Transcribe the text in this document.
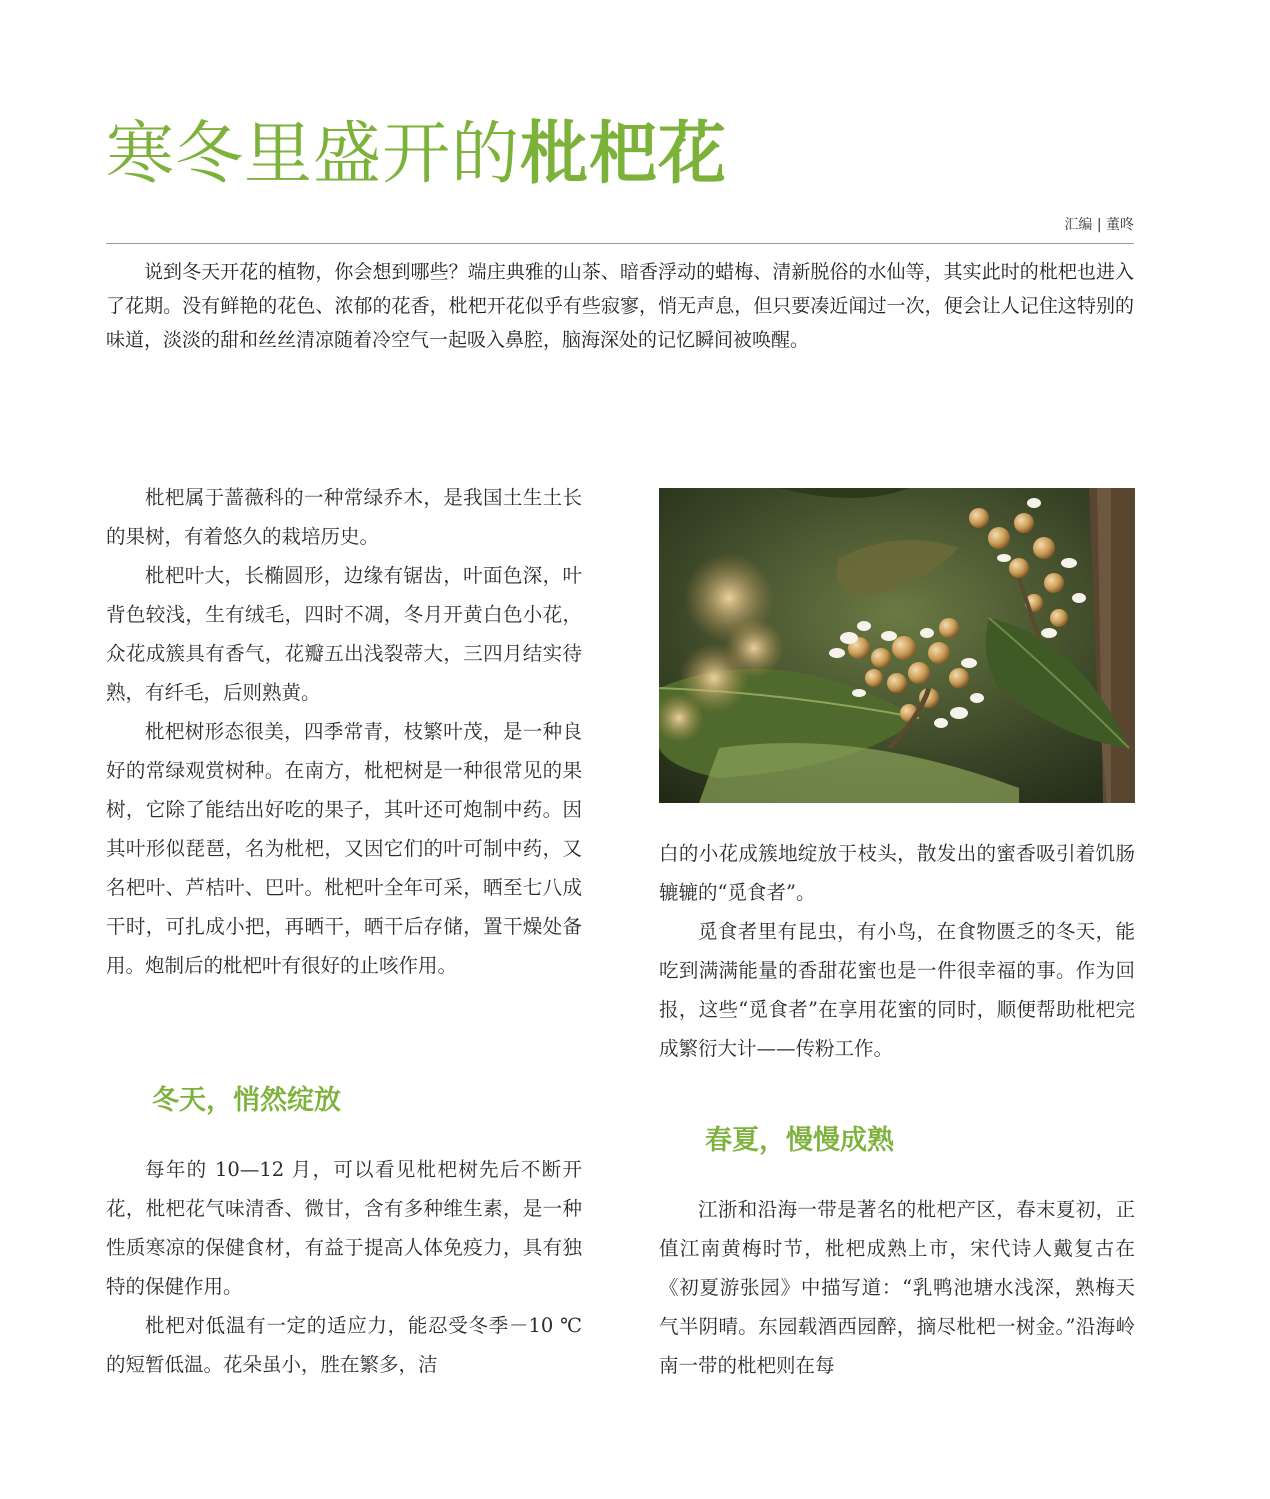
寒冬里盛开的枇杷花
汇编 | 董咚

说到冬天开花的植物，你会想到哪些？端庄典雅的山茶、暗香浮动的蜡梅、清新脱俗的水仙等，其实此时的枇杷也进入了花期。没有鲜艳的花色、浓郁的花香，枇杷开花似乎有些寂寥，悄无声息，但只要凑近闻过一次，便会让人记住这特别的味道，淡淡的甜和丝丝清凉随着冷空气一起吸入鼻腔，脑海深处的记忆瞬间被唤醒。

枇杷属于蔷薇科的一种常绿乔木，是我国土生土长的果树，有着悠久的栽培历史。

枇杷叶大，长椭圆形，边缘有锯齿，叶面色深，叶背色较浅，生有绒毛，四时不凋，冬月开黄白色小花，众花成簇具有香气，花瓣五出浅裂蒂大，三四月结实待熟，有纤毛，后则熟黄。

枇杷树形态很美，四季常青，枝繁叶茂，是一种良好的常绿观赏树种。在南方，枇杷树是一种很常见的果树，它除了能结出好吃的果子，其叶还可炮制中药。因其叶形似琵琶，名为枇杷，又因它们的叶可制中药，又名杷叶、芦桔叶、巴叶。枇杷叶全年可采，晒至七八成干时，可扎成小把，再晒干，晒干后存储，置干燥处备用。炮制后的枇杷叶有很好的止咳作用。

冬天，悄然绽放

每年的 10—12 月，可以看见枇杷树先后不断开花，枇杷花气味清香、微甘，含有多种维生素，是一种性质寒凉的保健食材，有益于提高人体免疫力，具有独特的保健作用。

枇杷对低温有一定的适应力，能忍受冬季－10 ℃的短暂低温。花朵虽小，胜在繁多，洁

白的小花成簇地绽放于枝头，散发出的蜜香吸引着饥肠辘辘的“觅食者”。

觅食者里有昆虫，有小鸟，在食物匮乏的冬天，能吃到满满能量的香甜花蜜也是一件很幸福的事。作为回报，这些“觅食者”在享用花蜜的同时，顺便帮助枇杷完成繁衍大计——传粉工作。

春夏，慢慢成熟

江浙和沿海一带是著名的枇杷产区，春末夏初，正值江南黄梅时节，枇杷成熟上市，宋代诗人戴复古在《初夏游张园》中描写道：“乳鸭池塘水浅深，熟梅天气半阴晴。东园载酒西园醉，摘尽枇杷一树金。”沿海岭南一带的枇杷则在每
